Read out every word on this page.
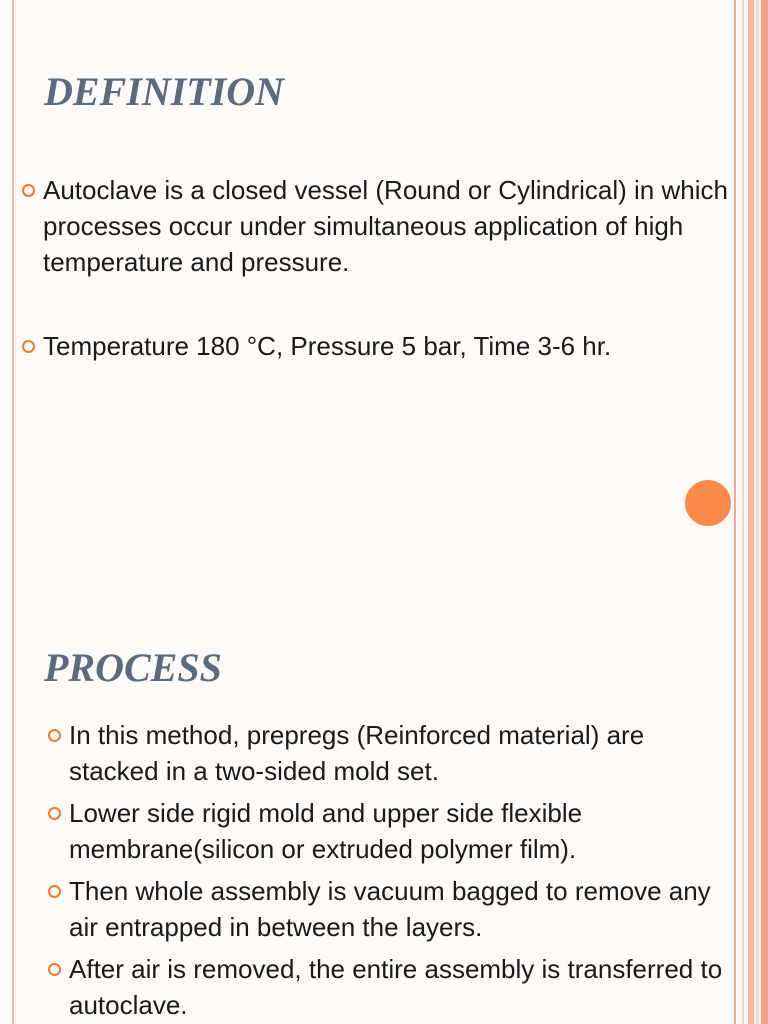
DEFINITION
Autoclave is a closed vessel (Round or Cylindrical) in which processes occur under simultaneous application of high temperature and pressure.
Temperature 180 °C, Pressure 5 bar, Time 3-6 hr.
PROCESS
In this method, prepregs (Reinforced material) are stacked in a two-sided mold set.
Lower side rigid mold and upper side flexible membrane(silicon or extruded polymer film).
Then whole assembly is vacuum bagged to remove any air entrapped in between the layers.
After air is removed, the entire assembly is transferred to autoclave.
